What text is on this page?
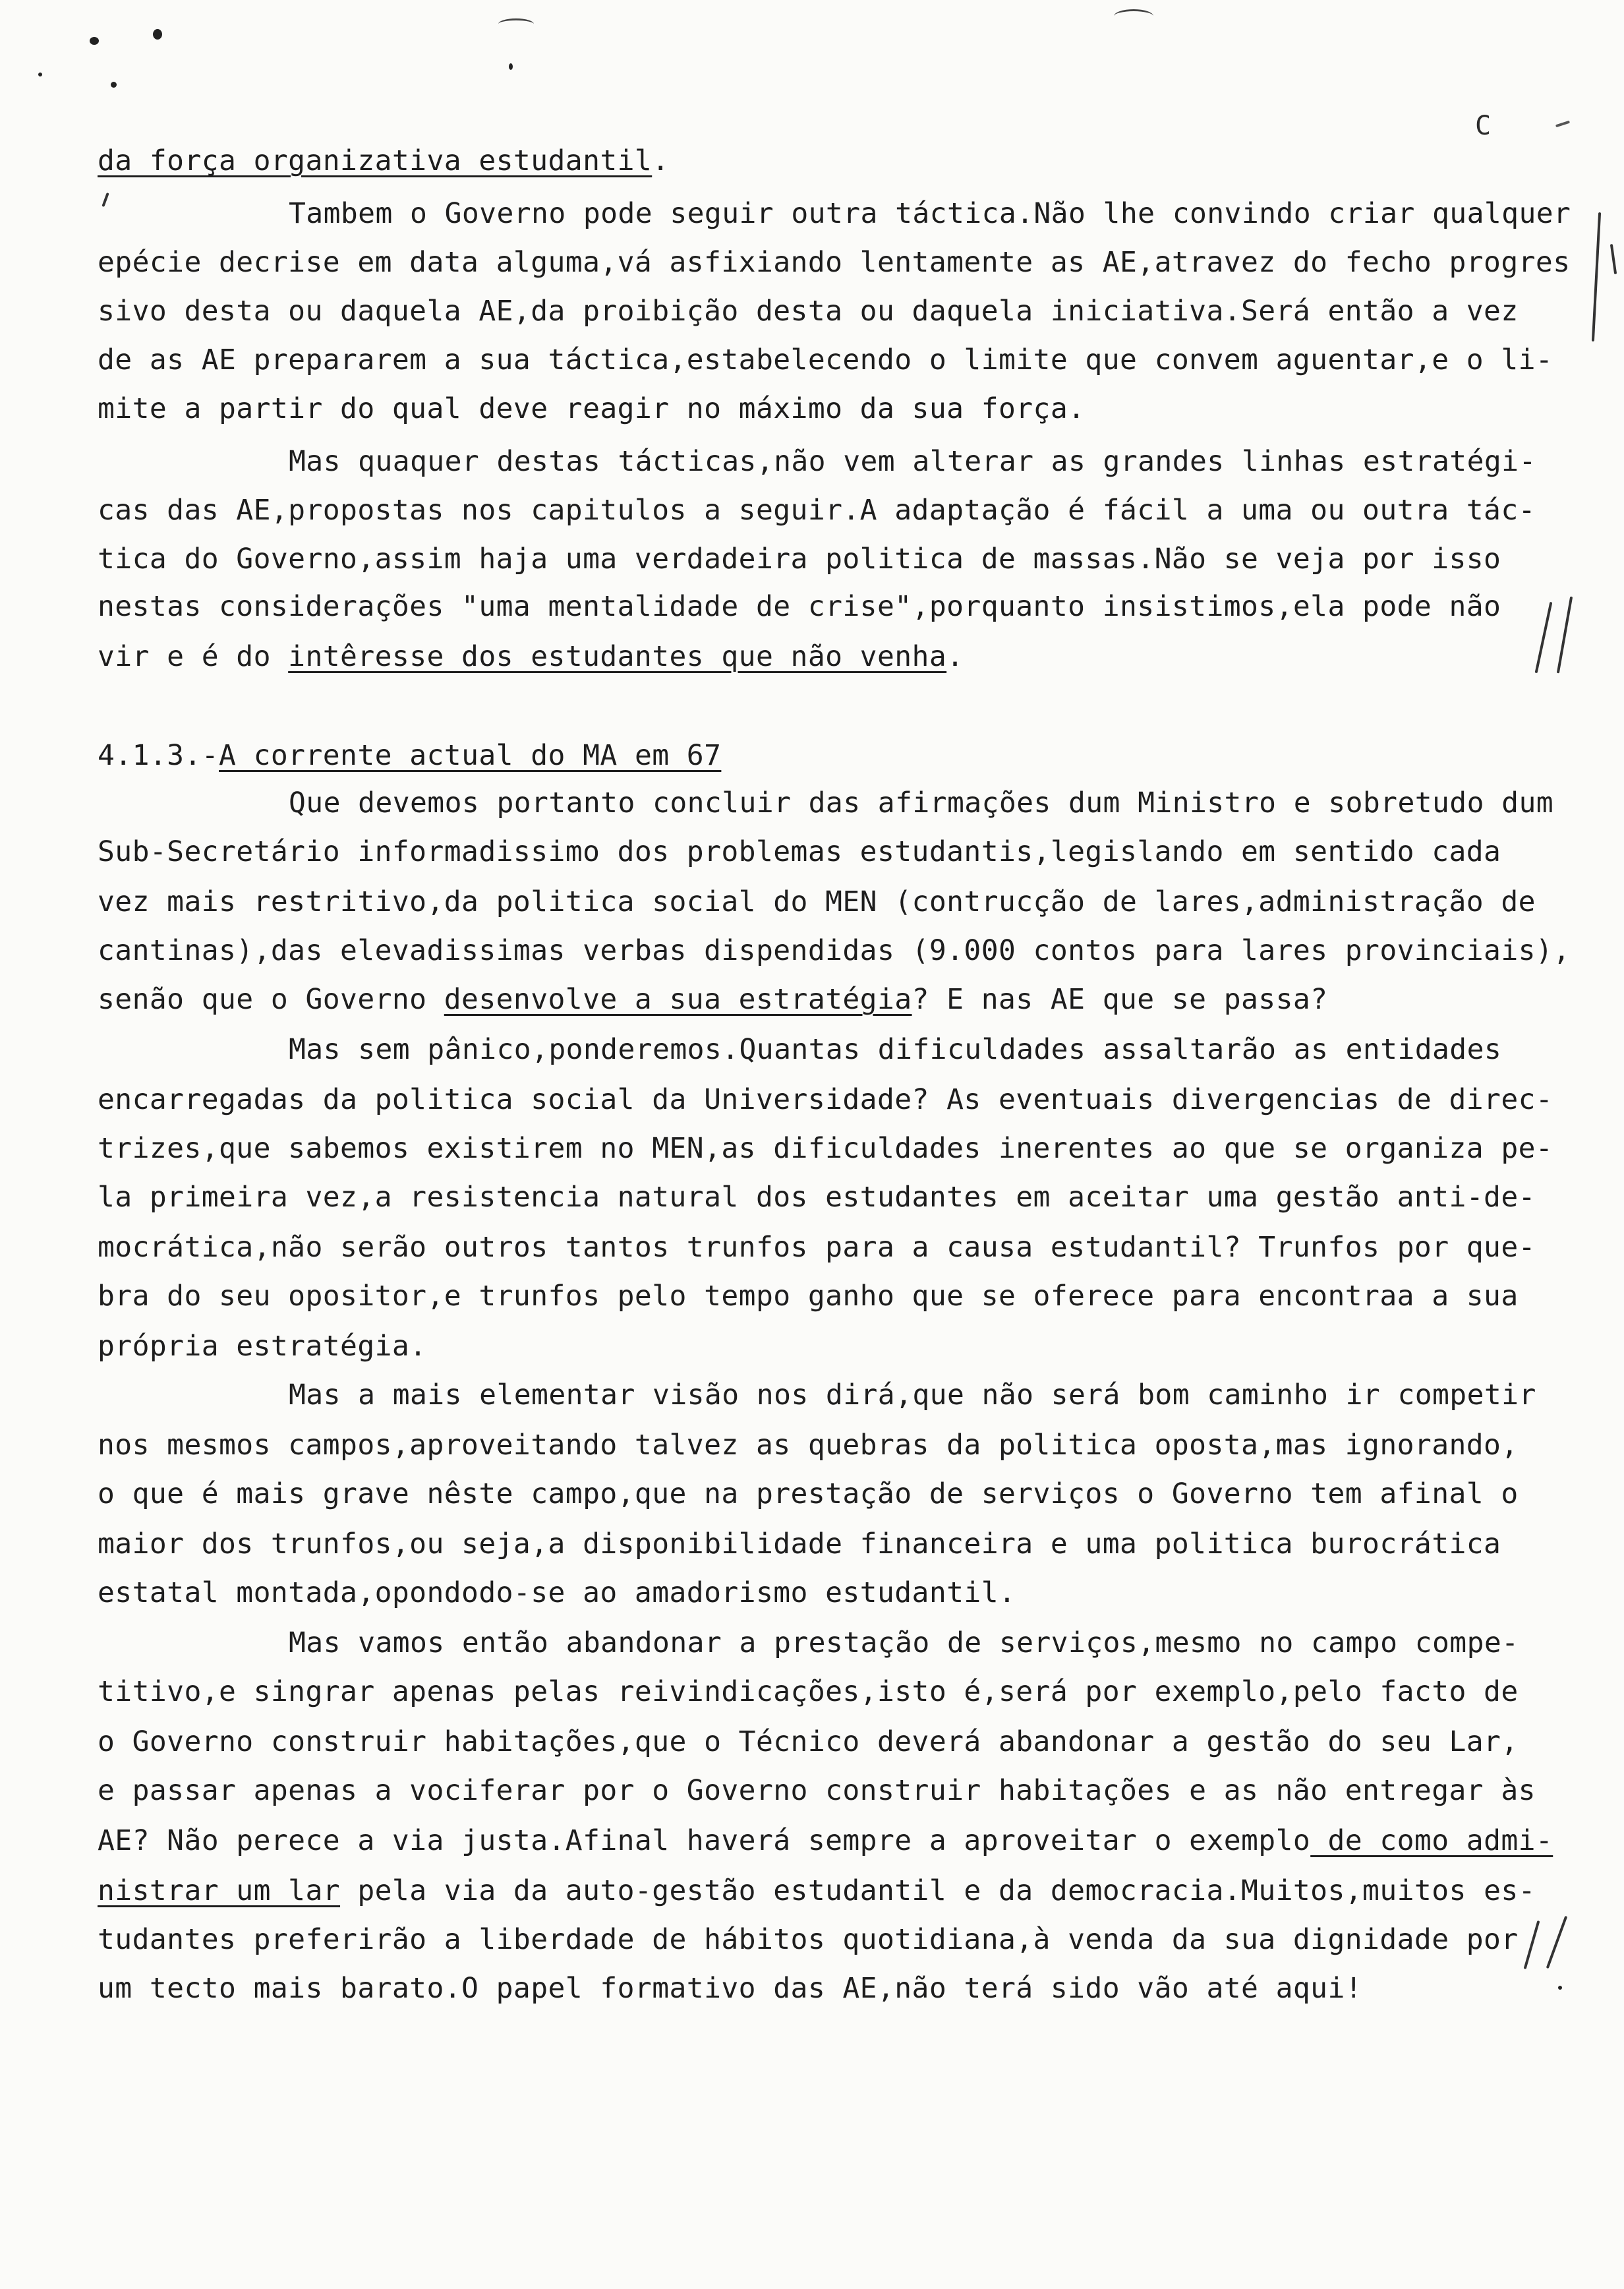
C
da força organizativa estudantil.
Tambem o Governo pode seguir outra táctica.Não lhe convindo criar qualquer
epécie decrise em data alguma,vá asfixiando lentamente as AE,atravez do fecho progres
sivo desta ou daquela AE,da proibição desta ou daquela iniciativa.Será então a vez
de as AE prepararem a sua táctica,estabelecendo o limite que convem aguentar,e o li-
mite a partir do qual deve reagir no máximo da sua força.
Mas quaquer destas tácticas,não vem alterar as grandes linhas estratégi-
cas das AE,propostas nos capitulos a seguir.A adaptação é fácil a uma ou outra tác-
tica do Governo,assim haja uma verdadeira politica de massas.Não se veja por isso
nestas considerações "uma mentalidade de crise",porquanto insistimos,ela pode não
vir e é do intêresse dos estudantes que não venha.
4.1.3.-A corrente actual do MA em 67
Que devemos portanto concluir das afirmações dum Ministro e sobretudo dum
Sub-Secretário informadissimo dos problemas estudantis,legislando em sentido cada
vez mais restritivo,da politica social do MEN (contrucção de lares,administração de
cantinas),das elevadissimas verbas dispendidas (9.000 contos para lares provinciais),
senão que o Governo desenvolve a sua estratégia? E nas AE que se passa?
Mas sem pânico,ponderemos.Quantas dificuldades assaltarão as entidades
encarregadas da politica social da Universidade? As eventuais divergencias de direc-
trizes,que sabemos existirem no MEN,as dificuldades inerentes ao que se organiza pe-
la primeira vez,a resistencia natural dos estudantes em aceitar uma gestão anti-de-
mocrática,não serão outros tantos trunfos para a causa estudantil? Trunfos por que-
bra do seu opositor,e trunfos pelo tempo ganho que se oferece para encontraa a sua
própria estratégia.
Mas a mais elementar visão nos dirá,que não será bom caminho ir competir
nos mesmos campos,aproveitando talvez as quebras da politica oposta,mas ignorando,
o que é mais grave nêste campo,que na prestação de serviços o Governo tem afinal o
maior dos trunfos,ou seja,a disponibilidade financeira e uma politica burocrática
estatal montada,opondodo-se ao amadorismo estudantil.
Mas vamos então abandonar a prestação de serviços,mesmo no campo compe-
titivo,e singrar apenas pelas reivindicações,isto é,será por exemplo,pelo facto de
o Governo construir habitações,que o Técnico deverá abandonar a gestão do seu Lar,
e passar apenas a vociferar por o Governo construir habitações e as não entregar às
AE? Não perece a via justa.Afinal haverá sempre a aproveitar o exemplo de como admi-
nistrar um lar pela via da auto-gestão estudantil e da democracia.Muitos,muitos es-
tudantes preferirão a liberdade de hábitos quotidiana,à venda da sua dignidade por
um tecto mais barato.O papel formativo das AE,não terá sido vão até aqui!
